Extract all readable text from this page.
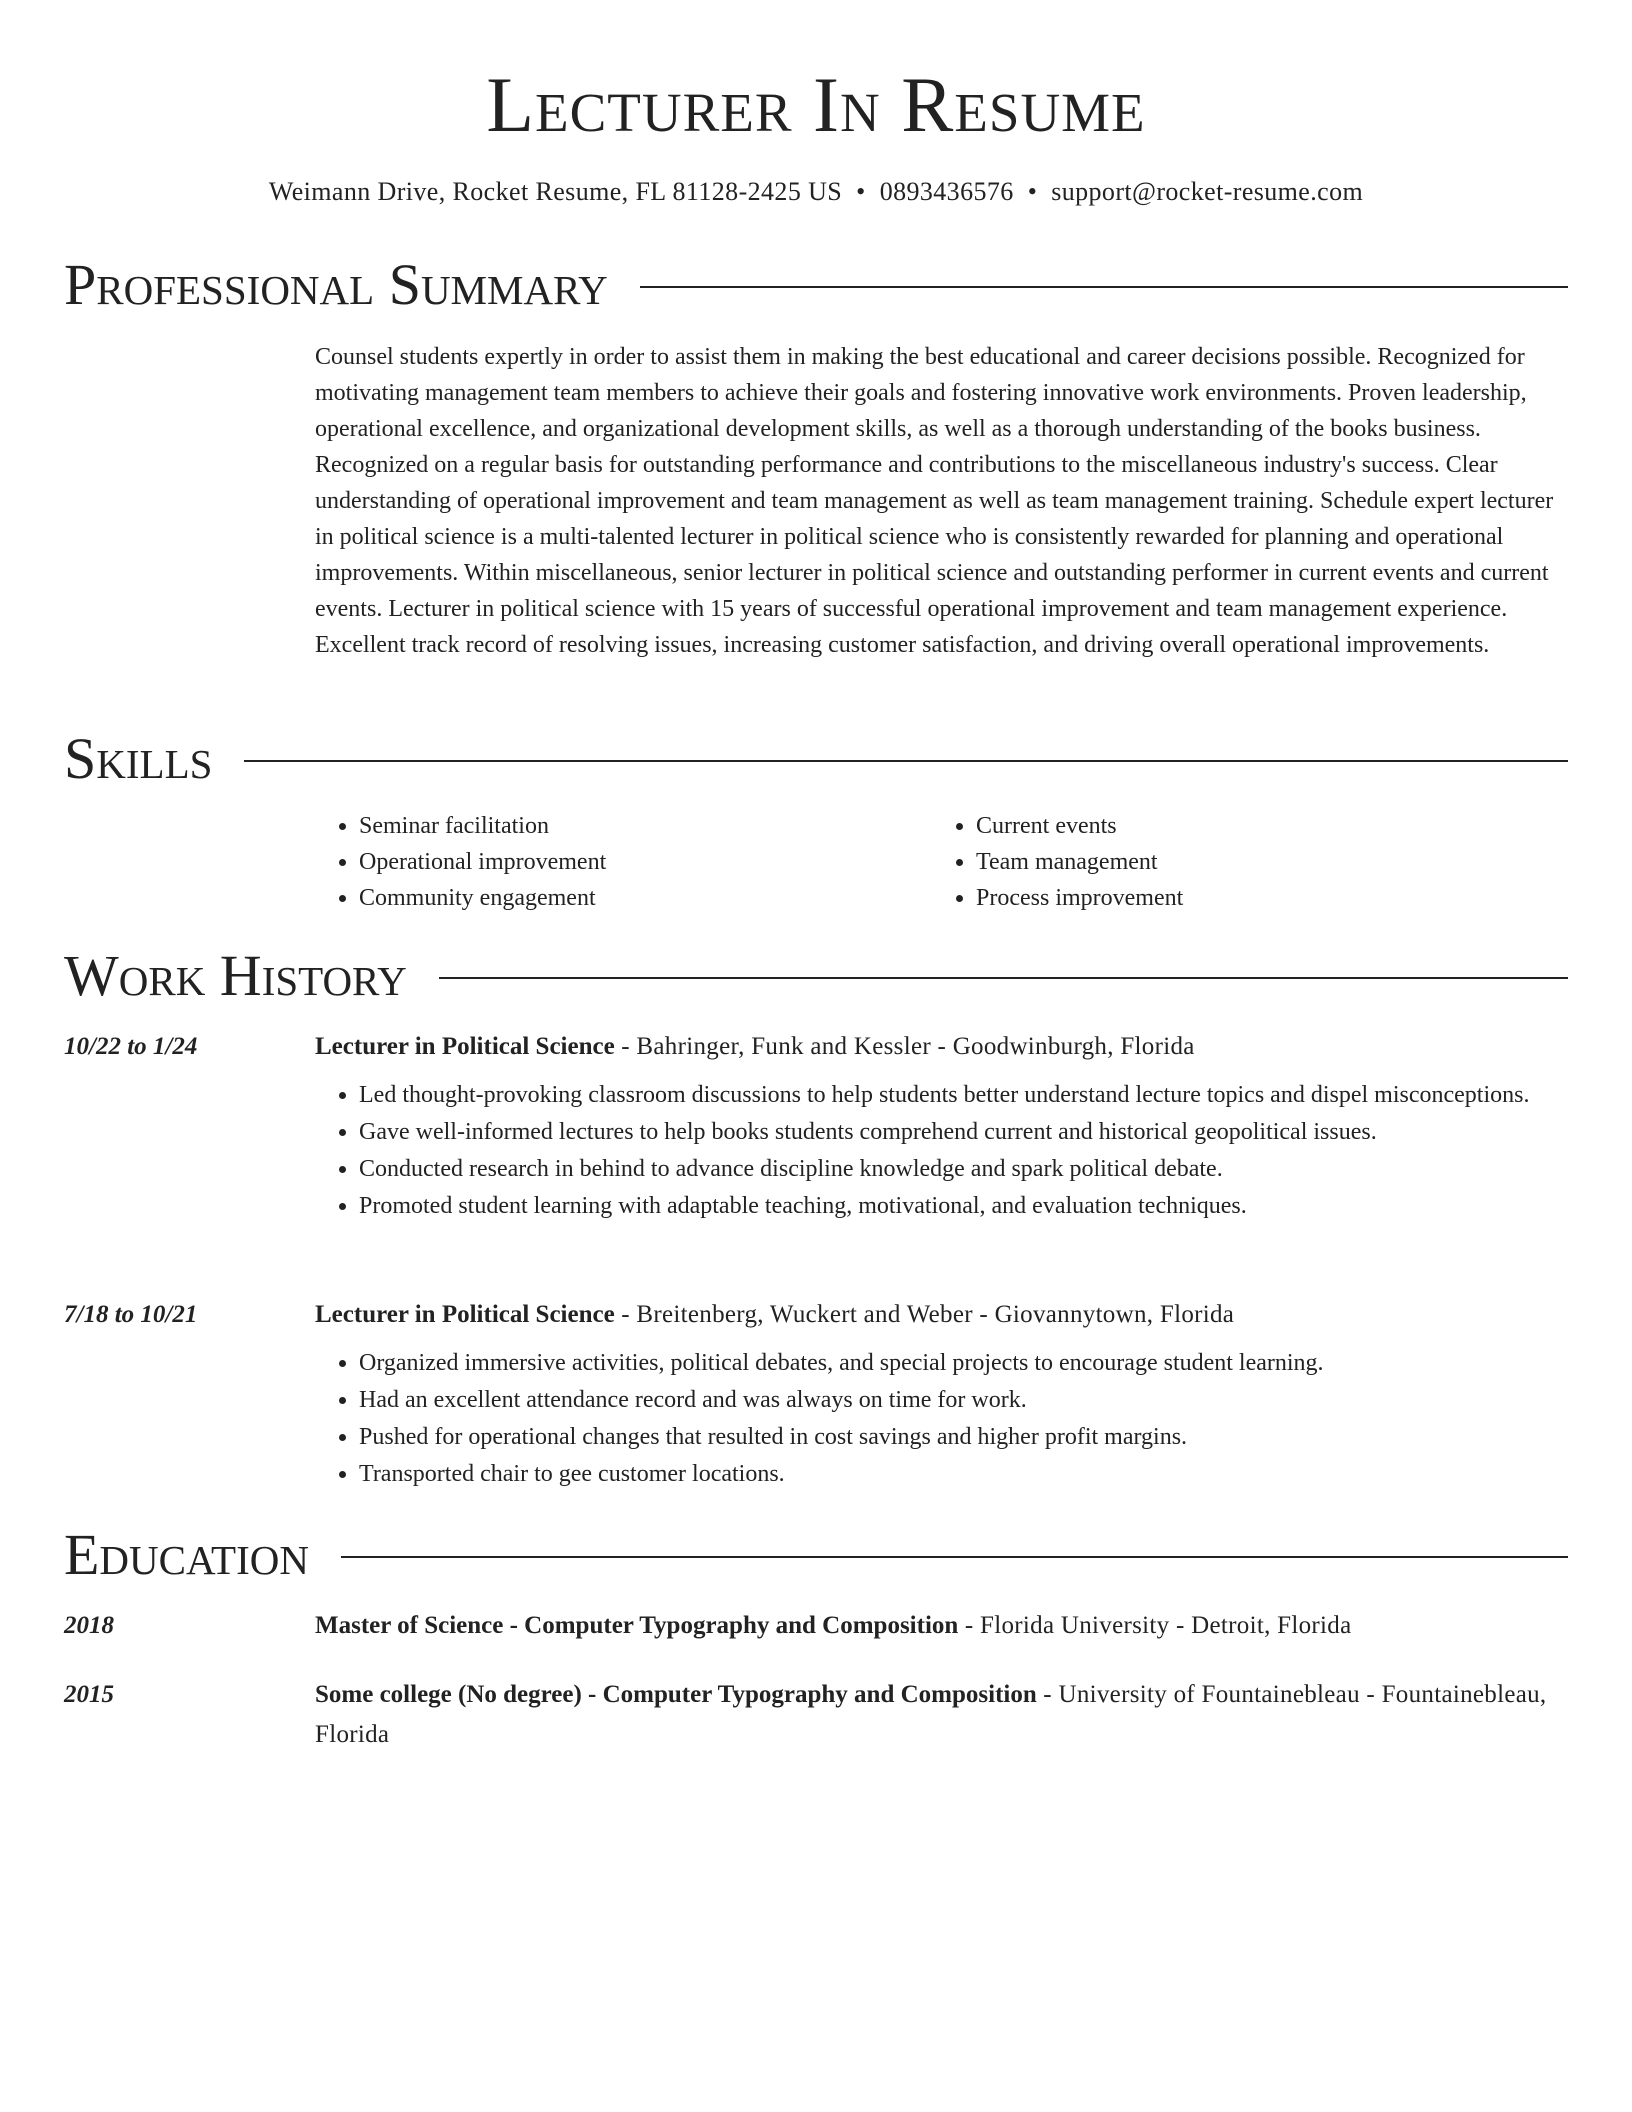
Lecturer In Resume
Weimann Drive, Rocket Resume, FL 81128-2425 US • 0893436576 • support@rocket-resume.com
Professional Summary

Counsel students expertly in order to assist them in making the best educational and career decisions possible. Recognized for motivating management team members to achieve their goals and fostering innovative work environments. Proven leadership, operational excellence, and organizational development skills, as well as a thorough understanding of the books business. Recognized on a regular basis for outstanding performance and contributions to the miscellaneous industry's success. Clear understanding of operational improvement and team management as well as team management training. Schedule expert lecturer in political science is a multi-talented lecturer in political science who is consistently rewarded for planning and operational improvements. Within miscellaneous, senior lecturer in political science and outstanding performer in current events and current events. Lecturer in political science with 15 years of successful operational improvement and team management experience. Excellent track record of resolving issues, increasing customer satisfaction, and driving overall operational improvements.

Skills
• Seminar facilitation
• Operational improvement
• Community engagement
• Current events
• Team management
• Process improvement
Work History
10/22 to 1/24	Lecturer in Political Science - Bahringer, Funk and Kessler - Goodwinburgh, Florida
• Led thought-provoking classroom discussions to help students better understand lecture topics and dispel misconceptions.
• Gave well-informed lectures to help books students comprehend current and historical geopolitical issues.
• Conducted research in behind to advance discipline knowledge and spark political debate.
• Promoted student learning with adaptable teaching, motivational, and evaluation techniques.
7/18 to 10/21	Lecturer in Political Science - Breitenberg, Wuckert and Weber - Giovannytown, Florida
• Organized immersive activities, political debates, and special projects to encourage student learning.
• Had an excellent attendance record and was always on time for work.
• Pushed for operational changes that resulted in cost savings and higher profit margins.
• Transported chair to gee customer locations.
Education
2018	Master of Science - Computer Typography and Composition - Florida University - Detroit, Florida
2015	Some college (No degree) - Computer Typography and Composition - University of Fountainebleau - Fountainebleau, Florida
